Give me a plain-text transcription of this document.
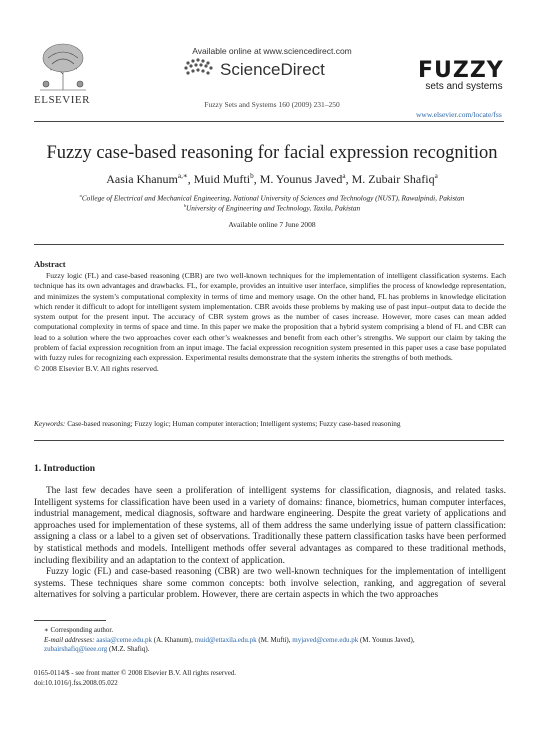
ELSEVIER
Available online at www.sciencedirect.com
ScienceDirect
Fuzzy Sets and Systems 160 (2009) 231–250
FUZZY
sets and systems
www.elsevier.com/locate/fss
Fuzzy case-based reasoning for facial expression recognition
Aasia Khanum$^{a,∗}$, Muid Mufti$^b$, M. Younus Javed$^a$, M. Zubair Shafiq$^a$
$^a$College of Electrical and Mechanical Engineering, National University of Sciences and Technology (NUST), Rawalpindi, Pakistan
$^b$University of Engineering and Technology, Taxila, Pakistan
Available online 7 June 2008
Abstract

Fuzzy logic (FL) and case-based reasoning (CBR) are two well-known techniques for the implementation of intelligent classification systems. Each technique has its own advantages and drawbacks. FL, for example, provides an intuitive user interface, simplifies the process of knowledge representation, and minimizes the system’s computational complexity in terms of time and memory usage. On the other hand, FL has problems in knowledge elicitation which render it difficult to adopt for intelligent system implementation. CBR avoids these problems by making use of past input–output data to decide the system output for the present input. The accuracy of CBR system grows as the number of cases increase. However, more cases can mean added computational complexity in terms of space and time. In this paper we make the proposition that a hybrid system comprising a blend of FL and CBR can lead to a solution where the two approaches cover each other’s weaknesses and benefit from each other’s strengths. We support our claim by taking the problem of facial expression recognition from an input image. The facial expression recognition system presented in this paper uses a case base populated with fuzzy rules for recognizing each expression. Experimental results demonstrate that the system inherits the strengths of both methods.

© 2008 Elsevier B.V. All rights reserved.

Keywords: Case-based reasoning; Fuzzy logic; Human computer interaction; Intelligent systems; Fuzzy case-based reasoning
1. Introduction

The last few decades have seen a proliferation of intelligent systems for classification, diagnosis, and related tasks. Intelligent systems for classification have been used in a variety of domains: finance, biometrics, human computer interfaces, industrial management, medical diagnosis, software and hardware engineering. Despite the great variety of applications and approaches used for implementation of these systems, all of them address the same underlying issue of pattern classification: assigning a class or a label to a given set of observations. Traditionally these pattern classification tasks have been performed by statistical methods and models. Intelligent methods offer several advantages as compared to these traditional methods, including flexibility and an adaptation to the context of application.

Fuzzy logic (FL) and case-based reasoning (CBR) are two well-known techniques for the implementation of intelligent systems. These techniques share some common concepts: both involve selection, ranking, and aggregation of several alternatives for solving a particular problem. However, there are certain aspects in which the two approaches

∗ Corresponding author.
E-mail addresses: aasia@ceme.edu.pk (A. Khanum), muid@ettaxila.edu.pk (M. Mufti), myjaved@ceme.edu.pk (M. Younus Javed),
zubairshafiq@ieee.org (M.Z. Shafiq).
0165-0114/$ - see front matter © 2008 Elsevier B.V. All rights reserved.
doi:10.1016/j.fss.2008.05.022
